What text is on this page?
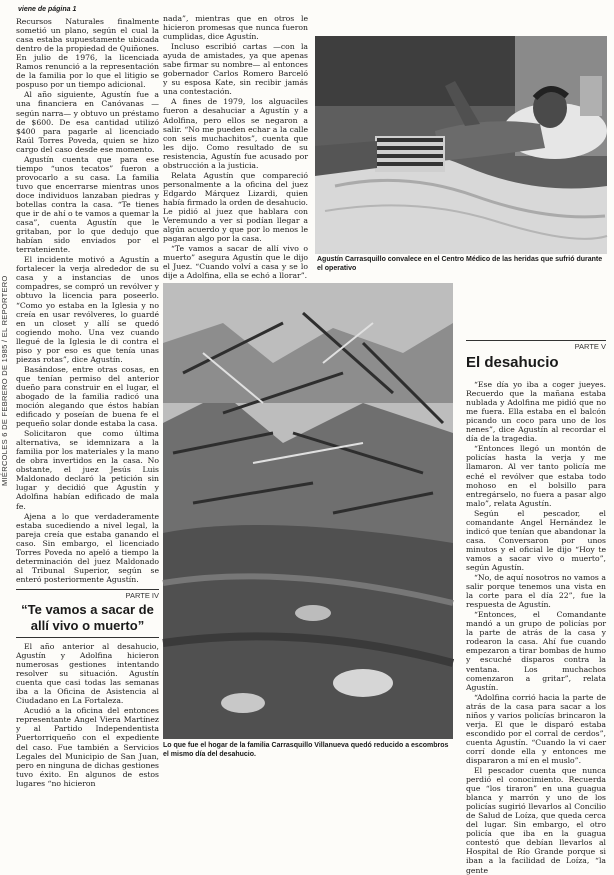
MIÉRCOLES 6 DE FEBRERO DE 1985 / EL REPORTERO
viene de página 1

Recursos Naturales finalmente sometió un plano, según el cual la casa estaba supuestamente ubicada dentro de la propiedad de Quiñones. En julio de 1976, la licenciada Ramos renunció a la representación de la familia por lo que el litigio se pospuso por un tiempo adicional.

Al año siguiente, Agustín fue a una financiera en Canóvanas —según narra— y obtuvo un préstamo de $600. De esa cantidad utilizó $400 para pagarle al licenciado Raúl Torres Poveda, quien se hizo cargo del caso desde ese momento.

Agustín cuenta que para ese tiempo “unos tecatos” fueron a provocarlo a su casa. La familia tuvo que encerrarse mientras unos doce individuos lanzaban piedras y botellas contra la casa. “Te tienes que ir de ahí o te vamos a quemar la casa”, cuenta Agustín que le gritaban, por lo que dedujo que habían sido enviados por el terrateniente.

El incidente motivó a Agustín a fortalecer la verja alrededor de su casa y a instancias de unos compadres, se compró un revólver y obtuvo la licencia para poseerlo. “Como yo estaba en la Iglesia y no creía en usar revólveres, lo guardé en un closet y allí se quedó cogiendo moho. Una vez cuando llegué de la Iglesia le di contra el piso y por eso es que tenía unas piezas rotas”, dice Agustín.

Basándose, entre otras cosas, en que tenían permiso del anterior dueño para construir en el lugar, el abogado de la familia radicó una moción alegando que éstos habían edificado y poseían de buena fe el pequeño solar donde estaba la casa.

Solicitaron que como última alternativa, se idemnizara a la familia por los materiales y la mano de obra invertidos en la casa. No obstante, el juez Jesús Luis Maldonado declaró la petición sin lugar y decidió que Agustín y Adolfina habían edificado de mala fe.

Ajena a lo que verdaderamente estaba sucediendo a nivel legal, la pareja creía que estaba ganando el caso. Sin embargo, el licenciado Torres Poveda no apeló a tiempo la determinación del juez Maldonado al Tribunal Superior, según se enteró posteriormente Agustín.

PARTE IV
“Te vamos a sacar de allí vivo o muerto”

El año anterior al desahucio, Agustín y Adolfina hicieron numerosas gestiones intentando resolver su situación. Agustín cuenta que casi todas las semanas iba a la Oficina de Asistencia al Ciudadano en La Fortaleza.

Acudió a la oficina del entonces representante Angel Viera Martínez y al Partido Independentista Puertorriqueño con el expediente del caso. Fue también a Servicios Legales del Municipio de San Juan, pero en ninguna de dichas gestiones tuvo éxito. En algunos de estos lugares “no hicieron

nada”, mientras que en otros le hicieron promesas que nunca fueron cumplidas, dice Agustín.

Incluso escribió cartas —con la ayuda de amistades, ya que apenas sabe firmar su nombre— al entonces gobernador Carlos Romero Barceló y su esposa Kate, sin recibir jamás una contestación.

A fines de 1979, los alguaciles fueron a desahuciar a Agustín y a Adolfina, pero ellos se negaron a salir. “No me pueden echar a la calle con seis muchachitos”, cuenta que les dijo. Como resultado de su resistencia, Agustín fue acusado por obstrucción a la justicia.

Relata Agustín que compareció personalmente a la oficina del juez Edgardo Márquez Lizardi, quien había firmado la orden de desahucio. Le pidió al juez que hablara con Veremundo a ver si podían llegar a algún acuerdo y que por lo menos le pagaran algo por la casa.

“Te vamos a sacar de allí vivo o muerto” asegura Agustín que le dijo el Juez. “Cuando volví a casa y se lo dije a Adolfina, ella se echó a llorar”.

Agustín Carrasquillo convalece en el Centro Médico de las heridas que sufrió durante el operativo
Lo que fue el hogar de la familia Carrasquillo Villanueva quedó reducido a escombros el mismo día del desahucio.
PARTE V
El desahucio

“Ese día yo iba a coger jueyes. Recuerdo que la mañana estaba nublada y Adolfina me pidió que no me fuera. Ella estaba en el balcón picando un coco para uno de los nenes”, dice Agustín al recordar el día de la tragedia.

“Entonces llegó un montón de policías hasta la verja y me llamaron. Al ver tanto policía me eché el revólver que estaba todo mohoso en el bolsillo para entregárselo, no fuera a pasar algo malo”, relata Agustín.

Según el pescador, el comandante Angel Hernández le indicó que tenían que abandonar la casa. Conversaron por unos minutos y el oficial le dijo “Hoy te vamos a sacar vivo o muerto”, según Agustín.

“No, de aquí nosotros no vamos a salir porque tenemos una vista en la corte para el día 22”, fue la respuesta de Agustín.

“Entonces, el Comandante mandó a un grupo de policías por la parte de atrás de la casa y rodearon la casa. Ahí fue cuando empezaron a tirar bombas de humo y escuché disparos contra la ventana. Los muchachos comenzaron a gritar”, relata Agustín.

“Adolfina corrió hacia la parte de atrás de la casa para sacar a los niños y varios policías brincaron la verja. El que le disparó estaba escondido por el corral de cerdos”, cuenta Agustín. “Cuando la vi caer corrí donde ella y entonces me dispararon a mí en el muslo”.

El pescador cuenta que nunca perdió el conocimiento. Recuerda que “los tiraron” en una guagua blanca y marrón y uno de los policías sugirió llevarlos al Concilio de Salud de Loíza, que queda cerca del lugar. Sin embargo, el otro policía que iba en la guagua contestó que debían llevarlos al Hospital de Río Grande porque si iban a la facilidad de Loíza, “la gente
